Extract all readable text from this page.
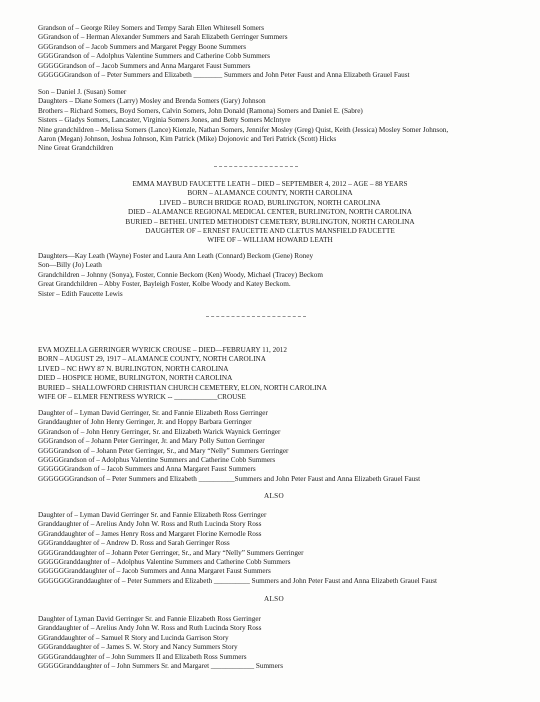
Grandson of – George Riley Somers and Tempy Sarah Ellen Whitesell Somers
GGrandson of – Herman Alexander Summers and Sarah Elizabeth Gerringer Summers
GGGrandson of – Jacob Summers and Margaret Peggy Boone Summers
GGGGrandson of – Adolphus Valentine Summers and Catherine Cobb Summers
GGGGGrandson of – Jacob Summers and Anna Margaret Faust Summers
GGGGGGrandson of – Peter Summers and Elizabeth ________ Summers and John Peter Faust and Anna Elizabeth Grauel Faust
Son – Daniel J. (Susan) Somer
Daughters – Diane Somers (Larry) Mosley and Brenda Somers (Gary) Johnson
Brothers – Richard Somers, Boyd Somers, Calvin Somers, John Donald (Ramona) Somers and Daniel E. (Sabre)
Sisters – Gladys Somers, Lancaster, Virginia Somers Jones, and Betty Somers McIntyre
Nine grandchildren – Melissa Somers (Lance) Kienzle, Nathan Somers, Jennifer Mosley (Greg) Quist, Keith (Jessica) Mosley Somer Johnson,
Aaron (Megan) Johnson, Joshua Johnson, Kim Patrick (Mike) Dojonovic and Teri Patrick (Scott) Hicks
Nine Great Grandchildren
EMMA MAYBUD FAUCETTE LEATH – DIED – SEPTEMBER 4, 2012 – AGE – 88 YEARS
BORN – ALAMANCE COUNTY, NORTH CAROLINA
LIVED – BURCH BRIDGE ROAD, BURLINGTON, NORTH CAROLINA
DIED – ALAMANCE REGIONAL MEDICAL CENTER, BURLINGTON, NORTH CAROLINA
BURIED – BETHEL UNITED METHODIST CEMETERY, BURLINGTON, NORTH CAROLINA
DAUGHTER OF – ERNEST FAUCETTE AND CLETUS MANSFIELD FAUCETTE
WIFE OF – WILLIAM HOWARD LEATH
Daughters—Kay Leath (Wayne) Foster and Laura Ann Leath (Connard) Beckom (Gene) Roney
Son—Billy (Jo) Leath
Grandchildren – Johnny (Sonya), Foster, Connie Beckom (Ken) Woody, Michael (Tracey) Beckom
Great Grandchildren – Abby Foster, Bayleigh Foster, Kolbe Woody and Katey Beckom.
Sister – Edith Faucette Lewis
EVA MOZELLA GERRINGER WYRICK CROUSE – DIED—FEBRUARY 11, 2012
BORN – AUGUST 29, 1917 – ALAMANCE COUNTY, NORTH CAROLINA
LIVED – NC HWY 87 N. BURLINGTON, NORTH CAROLINA
DIED – HOSPICE HOME, BURLINGTON, NORTH CAROLINA
BURIED – SHALLOWFORD CHRISTIAN CHURCH CEMETERY, ELON, NORTH CAROLINA
WIFE OF – ELMER FENTRESS WYRICK -- ____________CROUSE
Daughter of – Lyman David Gerringer, Sr. and Fannie Elizabeth Ross Gerringer
Granddaughter of John Henry Gerringer, Jr. and Hoppy Barbara Gerringer
GGrandson of – John Henry Gerringer, Sr. and Elizabeth Warick Waynick Gerringer
GGGrandson of – Johann Peter Gerringer, Jr. and Mary Polly Sutton Gerringer
GGGGrandson of – Johann Peter Gerringer, Sr., and Mary “Nelly” Summers Gerringer
GGGGGrandson of – Adolphus Valentine Summers and Catherine Cobb Summers
GGGGGGrandson of – Jacob Summers and Anna Margaret Faust Summers
GGGGGGGrandson of – Peter Summers and Elizabeth __________Summers and John Peter Faust and Anna Elizabeth Grauel Faust
ALSO
Daughter of – Lyman David Gerringer Sr. and Fannie Elizabeth Ross Gerringer
Granddaughter of – Arelius Andy John W. Ross and Ruth Lucinda Story Ross
GGranddaughter of – James Henry Ross and Margaret Florine Kernodle Ross
GGGranddaughter of – Andrew D. Ross and Sarah Gerringer Ross
GGGGranddaughter of – Johann Peter Gerringer, Sr., and Mary “Nelly” Summers Gerringer
GGGGGranddaughter of – Adolphus Valentine Summers and Catherine Cobb Summers
GGGGGGranddaughter of – Jacob Summers and Anna Margaret Faust Summers
GGGGGGGranddaughter of – Peter Summers and Elizabeth __________ Summers and John Peter Faust and Anna Elizabeth Grauel Faust
ALSO
Daughter of Lyman David Gerringer Sr. and Fannie Elizabeth Ross Gerringer
Granddaughter of – Arelius Andy John W. Ross and Ruth Lucinda Story Ross
GGranddaughter of – Samuel R Story and Lucinda Garrison Story
GGGranddaughter of – James S. W. Story and Nancy Summers Story
GGGGranddaughter of – John Summers II and Elizabeth Ross Summers
GGGGGranddaughter of – John Summers Sr. and Margaret ____________ Summers
